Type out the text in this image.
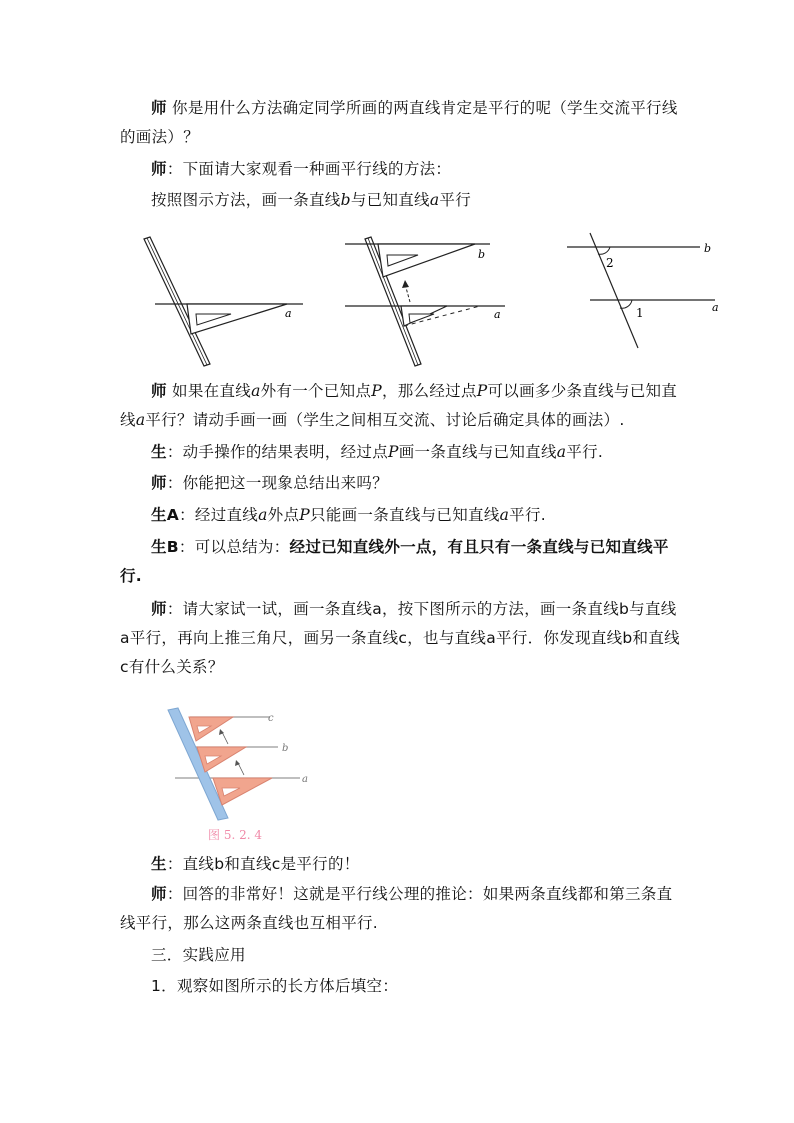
师 你是用什么方法确定同学所画的两直线肯定是平行的呢（学生交流平行线的画法）？

师：下面请大家观看一种画平行线的方法：

按照图示方法，画一条直线b与已知直线a平行

a	a
b
2
1
b
a

师 如果在直线a外有一个已知点P，那么经过点P可以画多少条直线与已知直线a平行？请动手画一画（学生之间相互交流、讨论后确定具体的画法）.

生：动手操作的结果表明，经过点P画一条直线与已知直线a平行.

师：你能把这一现象总结出来吗？

生A：经过直线a外点P只能画一条直线与已知直线a平行.

生B：可以总结为：经过已知直线外一点，有且只有一条直线与已知直线平行.

师：请大家试一试，画一条直线a，按下图所示的方法，画一条直线b与直线a平行，再向上推三角尺，画另一条直线c，也与直线a平行．你发现直线b和直线c有什么关系？

c
b
a
图 5. 2. 4

生：直线b和直线c是平行的！

师：回答的非常好！这就是平行线公理的推论：如果两条直线都和第三条直线平行，那么这两条直线也互相平行.

三．实践应用

1．观察如图所示的长方体后填空：
